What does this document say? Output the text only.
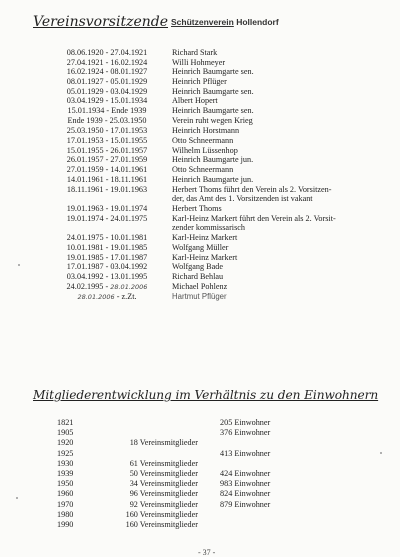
Vereinsvorsitzende Schützenverein Hollendorf
08.06.1920 - 27.04.1921	Richard Stark
27.04.1921 - 16.02.1924	Willi Hohmeyer
16.02.1924 - 08.01.1927	Heinrich Baumgarte sen.
08.01.1927 - 05.01.1929	Heinrich Pflüger
05.01.1929 - 03.04.1929	Heinrich Baumgarte sen.
03.04.1929 - 15.01.1934	Albert Hopert
15.01.1934 - Ende 1939	Heinrich Baumgarte sen.
Ende 1939 - 25.03.1950	Verein ruht wegen Krieg
25.03.1950 - 17.01.1953	Heinrich Horstmann
17.01.1953 - 15.01.1955	Otto Schneermann
15.01.1955 - 26.01.1957	Wilhelm Lüssenhop
26.01.1957 - 27.01.1959	Heinrich Baumgarte jun.
27.01.1959 - 14.01.1961	Otto Schneermann
14.01.1961 - 18.11.1961	Heinrich Baumgarte jun.
18.11.1961 - 19.01.1963	Herbert Thoms führt den Verein als 2. Vorsitzen-
der, das Amt des 1. Vorsitzenden ist vakant
19.01.1963 - 19.01.1974	Herbert Thoms
19.01.1974 - 24.01.1975	Karl-Heinz Markert führt den Verein als 2. Vorsit-
zender kommissarisch
24.01.1975 - 10.01.1981	Karl-Heinz Markert
10.01.1981 - 19.01.1985	Wolfgang Müller
19.01.1985 - 17.01.1987	Karl-Heinz Markert
17.01.1987 - 03.04.1992	Wolfgang Bade
03.04.1992 - 13.01.1995	Richard Behlau
24.02.1995 - 28.01.2006	Michael Pohlenz
28.01.2006 - z.Zt.	Hartmut Pflüger
Mitgliederentwicklung im Verhältnis zu den Einwohnern
1821	205 Einwohner
1905	376 Einwohner
1920	18 Vereinsmitglieder
1925	413 Einwohner
1930	61 Vereinsmitglieder
1939	50 Vereinsmitglieder	424 Einwohner
1950	34 Vereinsmitglieder	983 Einwohner
1960	96 Vereinsmitglieder	824 Einwohner
1970	92 Vereinsmitglieder	879 Einwohner
1980	160 Vereinsmitglieder
1990	160 Vereinsmitglieder
- 37 -
